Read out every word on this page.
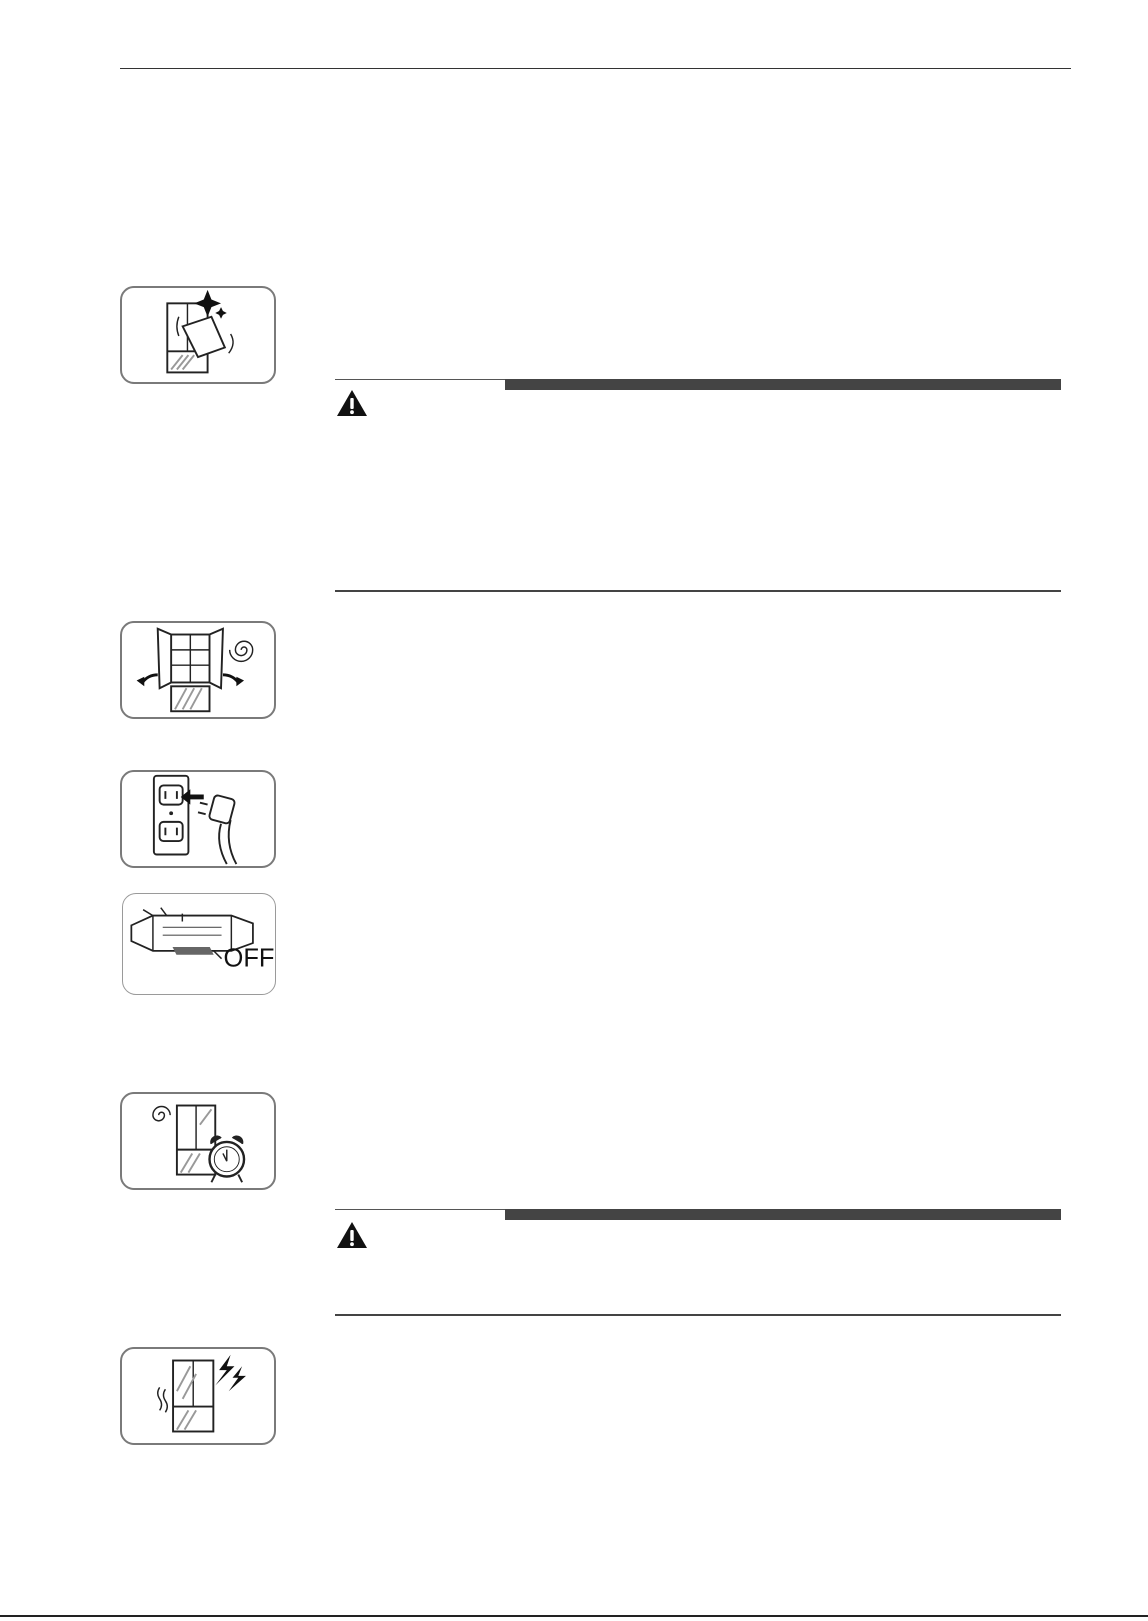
OFF
